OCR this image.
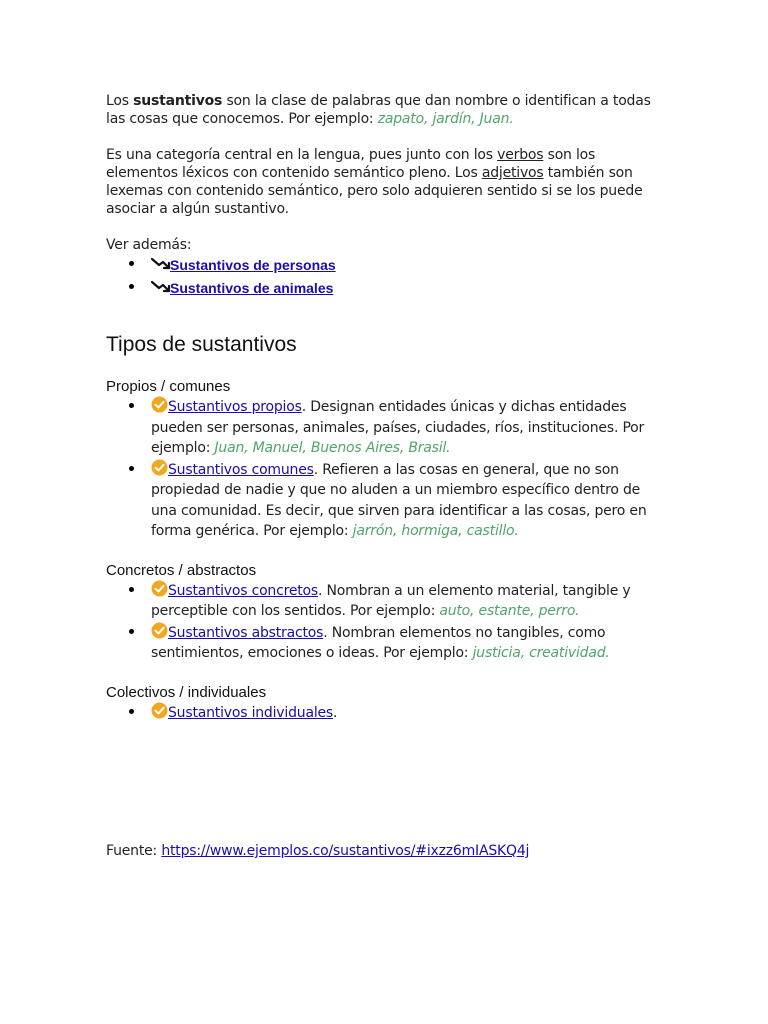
Los sustantivos son la clase de palabras que dan nombre o identifican a todas las cosas que conocemos. Por ejemplo: zapato, jardín, Juan.

Es una categoría central en la lengua, pues junto con los verbos son los elementos léxicos con contenido semántico pleno. Los adjetivos también son lexemas con contenido semántico, pero solo adquieren sentido si se los puede asociar a algún sustantivo.

Ver además:

Sustantivos de personas
Sustantivos de animales
Tipos de sustantivos
Propios / comunes
Sustantivos propios. Designan entidades únicas y dichas entidades pueden ser personas, animales, países, ciudades, ríos, instituciones. Por ejemplo: Juan, Manuel, Buenos Aires, Brasil.
Sustantivos comunes. Refieren a las cosas en general, que no son propiedad de nadie y que no aluden a un miembro específico dentro de una comunidad. Es decir, que sirven para identificar a las cosas, pero en forma genérica. Por ejemplo: jarrón, hormiga, castillo.
Concretos / abstractos
Sustantivos concretos. Nombran a un elemento material, tangible y perceptible con los sentidos. Por ejemplo: auto, estante, perro.
Sustantivos abstractos. Nombran elementos no tangibles, como sentimientos, emociones o ideas. Por ejemplo: justicia, creatividad.
Colectivos / individuales
Sustantivos individuales.

Fuente: https://www.ejemplos.co/sustantivos/#ixzz6mIASKQ4j
